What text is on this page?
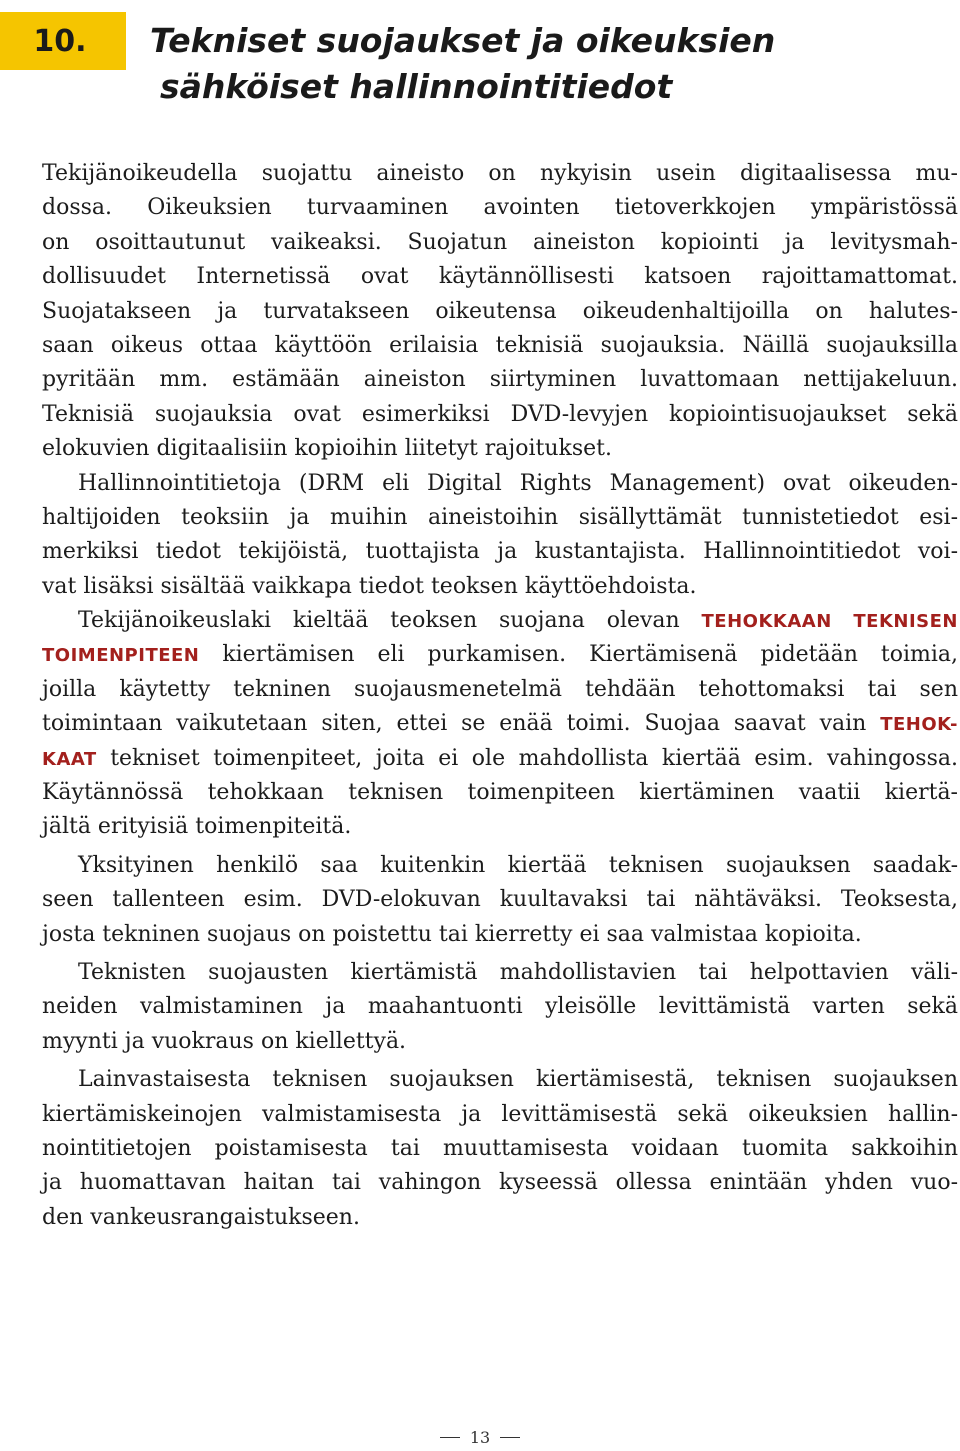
10. Tekniset suojaukset ja oikeuksien
sähköiset hallinnointitiedot
Tekijänoikeudella suojattu aineisto on nykyisin usein digitaalisessa mu-
dossa. Oikeuksien turvaaminen avointen tietoverkkojen ympäristössä
on osoittautunut vaikeaksi. Suojatun aineiston kopiointi ja levitysmah-
dollisuudet Internetissä ovat käytännöllisesti katsoen rajoittamattomat.
Suojatakseen ja turvatakseen oikeutensa oikeudenhaltijoilla on halutes-
saan oikeus ottaa käyttöön erilaisia teknisiä suojauksia. Näillä suojauksilla
pyritään mm. estämään aineiston siirtyminen luvattomaan nettijakeluun.
Teknisiä suojauksia ovat esimerkiksi DVD-levyjen kopiointisuojaukset sekä
elokuvien digitaalisiin kopioihin liitetyt rajoitukset.
Hallinnointitietoja (DRM eli Digital Rights Management) ovat oikeuden-
haltijoiden teoksiin ja muihin aineistoihin sisällyttämät tunnistetiedot esi-
merkiksi tiedot tekijöistä, tuottajista ja kustantajista. Hallinnointitiedot voi-
vat lisäksi sisältää vaikkapa tiedot teoksen käyttöehdoista.
Tekijänoikeuslaki kieltää teoksen suojana olevan TEHOKKAAN TEKNISEN
TOIMENPITEEN kiertämisen eli purkamisen. Kiertämisenä pidetään toimia,
joilla käytetty tekninen suojausmenetelmä tehdään tehottomaksi tai sen
toimintaan vaikutetaan siten, ettei se enää toimi. Suojaa saavat vain TEHOK-
KAAT tekniset toimenpiteet, joita ei ole mahdollista kiertää esim. vahingossa.
Käytännössä tehokkaan teknisen toimenpiteen kiertäminen vaatii kiertä-
jältä erityisiä toimenpiteitä.
Yksityinen henkilö saa kuitenkin kiertää teknisen suojauksen saadak-
seen tallenteen esim. DVD-elokuvan kuultavaksi tai nähtäväksi. Teoksesta,
josta tekninen suojaus on poistettu tai kierretty ei saa valmistaa kopioita.
Teknisten suojausten kiertämistä mahdollistavien tai helpottavien väli-
neiden valmistaminen ja maahantuonti yleisölle levittämistä varten sekä
myynti ja vuokraus on kiellettyä.
Lainvastaisesta teknisen suojauksen kiertämisestä, teknisen suojauksen
kiertämiskeinojen valmistamisesta ja levittämisestä sekä oikeuksien hallin-
nointitietojen poistamisesta tai muuttamisesta voidaan tuomita sakkoihin
ja huomattavan haitan tai vahingon kyseessä ollessa enintään yhden vuo-
den vankeusrangaistukseen.
13
